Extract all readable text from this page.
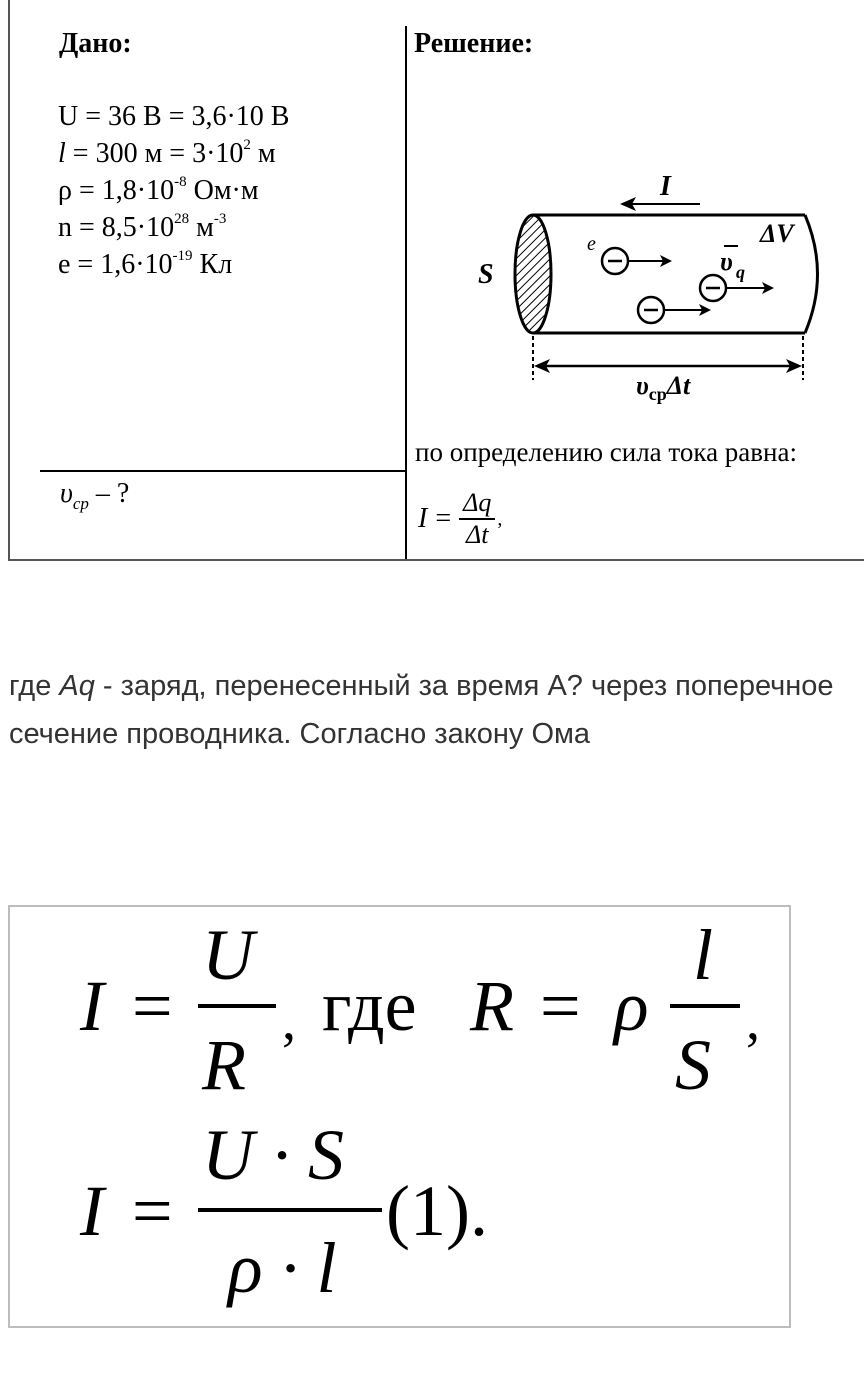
Дано:	Решение:
U = 36 В = 3,6·10 В
l = 300 $м = 3\cdot 10^2$ м
$\rho = 1,8\cdot 10^{-8}$ Ом·м
$n = 8,5\cdot 10^{28}$ $м^{-3}$
$e = 1,6\cdot 10^{-19}$ Кл
$\upsilon_{ср}$ – ?
I
S
ΔV
e
υ q
$\upsilon_{ср}\Delta t$
по определению сила тока равна:
$I = \frac{\Delta q}{\Delta t}$ ,
где Аq - заряд, перенесенный за время А? через поперечное сечение проводника. Согласно закону Ома
I =
U
R
, где R = ρ
l
S
,
I =
U · S
ρ · l
(1).
